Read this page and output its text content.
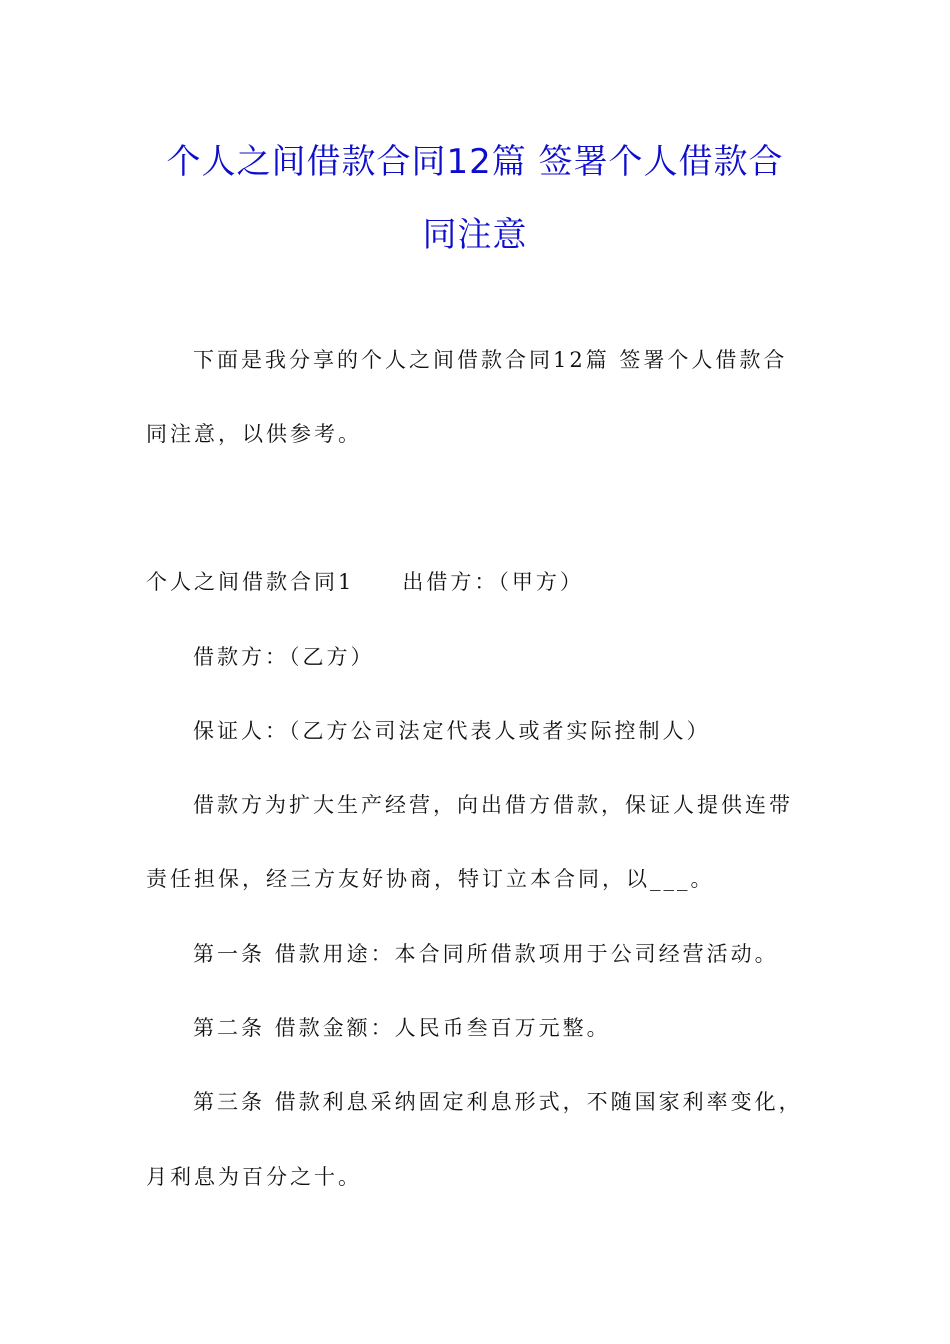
个人之间借款合同12篇 签署个人借款合
同注意
下面是我分享的个人之间借款合同12篇 签署个人借款合
同注意，以供参考。
个人之间借款合同1 出借方：（甲方）
借款方：（乙方）
保证人：（乙方公司法定代表人或者实际控制人）
借款方为扩大生产经营，向出借方借款，保证人提供连带
责任担保，经三方友好协商，特订立本合同，以___。
第一条 借款用途：本合同所借款项用于公司经营活动。
第二条 借款金额：人民币叁百万元整。
第三条 借款利息采纳固定利息形式，不随国家利率变化，
月利息为百分之十。
